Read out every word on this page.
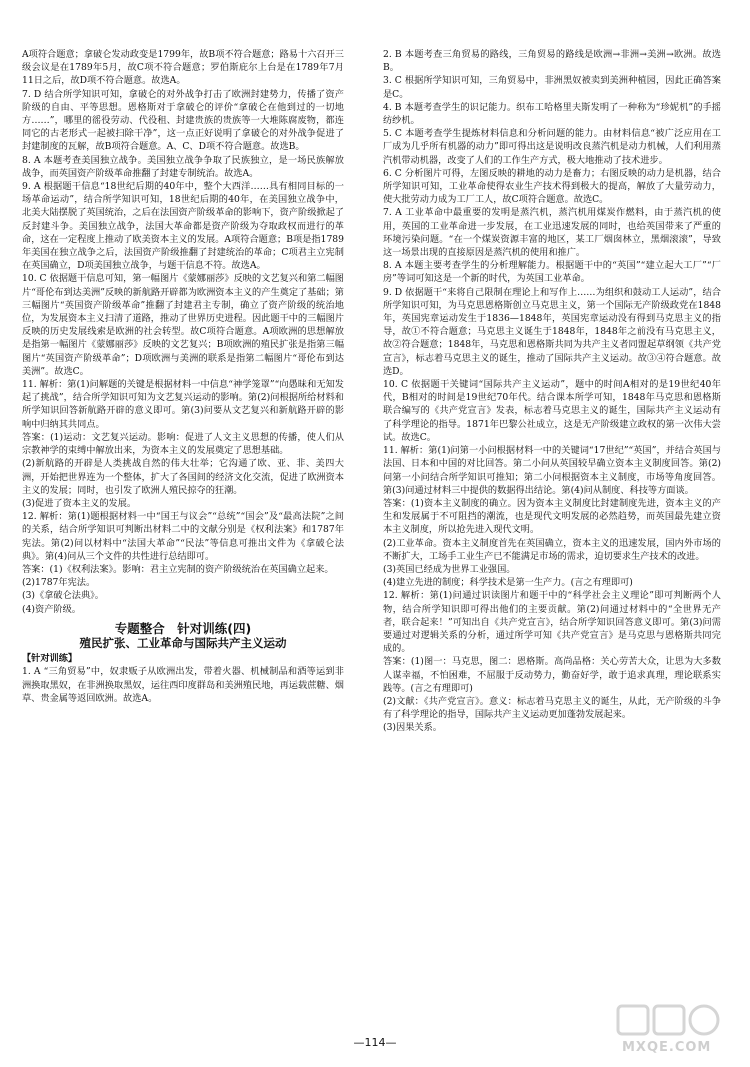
A项符合题意；拿破仑发动政变是1799年，故B项不符合题意；路易十六召开三级会议是在1789年5月，故C项不符合题意；罗伯斯庇尔上台是在1789年7月11日之后，故D项不符合题意。故选A。

7. D 结合所学知识可知，拿破仑的对外战争打击了欧洲封建势力，传播了资产阶级的自由、平等思想。恩格斯对于拿破仑的评价“拿破仑在他到过的一切地方……”，哪里的徭役劳动、代役租、封建贵族的贵族等一大堆陈腐废物，都连同它的古老形式一起被扫除干净”，这一点正好说明了拿破仑的对外战争促进了封建制度的瓦解，故B项符合题意。A、C、D项不符合题意。故选B。

8. A 本题考查美国独立战争。美国独立战争争取了民族独立，是一场民族解放战争，而英国资产阶级革命推翻了封建专制统治。故选A。

9. A 根据题干信息“18世纪后期的40年中，整个大西洋……具有相同目标的一场革命运动”，结合所学知识可知，18世纪后期的40年，在美国独立战争中，北美大陆摆脱了英国统治，之后在法国资产阶级革命的影响下，资产阶级掀起了反封建斗争。美国独立战争，法国大革命都是资产阶级为夺取政权而进行的革命，这在一定程度上推动了欧美资本主义的发展。A项符合题意；B项是指1789年美国在独立战争之后，法国资产阶级推翻了封建统治的革命；C项君主立宪制在英国确立，D项美国独立战争，与题干信息不符。故选A。

10. C 依据题干信息可知，第一幅图片《蒙娜丽莎》反映的文艺复兴和第二幅图片“哥伦布到达美洲”反映的新航路开辟都为欧洲资本主义的产生奠定了基础；第三幅图片“英国资产阶级革命”推翻了封建君主专制，确立了资产阶级的统治地位，为发展资本主义扫清了道路，推动了世界历史进程。因此题干中的三幅图片反映的历史发展线索是欧洲的社会转型。故C项符合题意。A项欧洲的思想解放是指第一幅图片《蒙娜丽莎》反映的文艺复兴；B项欧洲的殖民扩张是指第三幅图片“英国资产阶级革命”；D项欧洲与美洲的联系是指第二幅图片“哥伦布到达美洲”。故选C。

11. 解析：第(1)问解题的关键是根据材料一中信息“神学笼罩”“向愚昧和无知发起了挑战”，结合所学知识可知为文艺复兴运动的影响。第(2)问根据所给材料和所学知识回答新航路开辟的意义即可。第(3)问要从文艺复兴和新航路开辟的影响中归纳其共同点。

答案：(1)运动：文艺复兴运动。影响：促进了人文主义思想的传播，使人们从宗教神学的束缚中解放出来，为资本主义的发展奠定了思想基础。

(2)新航路的开辟是人类挑战自然的伟大壮举；它沟通了欧、亚、非、美四大洲，开始把世界连为一个整体，扩大了各国间的经济文化交流，促进了欧洲资本主义的发展；同时，也引发了欧洲人殖民掠夺的狂潮。

(3)促进了资本主义的发展。

12. 解析：第(1)题根据材料一中“国王与议会”“总统”“国会”及“最高法院”之间的关系，结合所学知识可判断出材料二中的文献分别是《权利法案》和1787年宪法。第(2)问以材料中“法国大革命”“民法”等信息可推出文件为《拿破仑法典》。第(4)问从三个文件的共性进行总结即可。

答案：(1)《权利法案》。影响：君主立宪制的资产阶级统治在英国确立起来。

(2)1787年宪法。

(3)《拿破仑法典》。

(4)资产阶级。

专题整合　针对训练(四)
殖民扩张、工业革命与国际共产主义运动
【针对训练】

1. A “三角贸易”中，奴隶贩子从欧洲出发，带着火器、机械制品和酒等运到非洲换取黑奴，在非洲换取黑奴，运往西印度群岛和美洲殖民地，再运载蔗糖、烟草、贵金属等返回欧洲。故选A。

2. B 本题考查三角贸易的路线，三角贸易的路线是欧洲→非洲→美洲→欧洲。故选B。

3. C 根据所学知识可知，三角贸易中，非洲黑奴被卖到美洲种植园，因此正确答案是C。

4. B 本题考查学生的识记能力。织布工哈格里夫斯发明了一种称为“珍妮机”的手摇纺纱机。

5. C 本题考查学生提炼材料信息和分析问题的能力。由材料信息“被广泛应用在工厂成为几乎所有机器的动力”即可得出这是说明改良蒸汽机是动力机械，人们利用蒸汽机带动机器，改变了人们的工作生产方式，极大地推动了技术进步。

6. C 分析图片可得，左图反映的耕地的动力是畜力；右图反映的动力是机器，结合所学知识可知，工业革命使得农业生产技术得到极大的提高，解放了大量劳动力，使大批劳动力成为工厂工人，故C项符合题意。故选C。

7. A 工业革命中最重要的发明是蒸汽机，蒸汽机用煤炭作燃料，由于蒸汽机的使用，英国的工业革命进一步发展，在工业迅速发展的同时，也给英国带来了严重的环境污染问题。“在一个煤炭资源丰富的地区，某工厂烟囱林立，黑烟滚滚”，导致这一场景出现的直接原因是蒸汽机的使用和推广。

8. A 本题主要考查学生的分析理解能力。根据题干中的“英国”“建立起大工厂”“厂房”等词可知这是一个新的时代，为英国工业革命。

9. D 依据题干“来将自己限制在理论上和写作上……为组织和鼓动工人运动”，结合所学知识可知，为马克思恩格斯创立马克思主义，第一个国际无产阶级政党在1848年，英国宪章运动发生于1836—1848年，英国宪章运动没有得到马克思主义的指导，故①不符合题意；马克思主义诞生于1848年，1848年之前没有马克思主义，故②符合题意；1848年，马克思和恩格斯共同为共产主义者同盟起草纲领《共产党宣言》，标志着马克思主义的诞生，推动了国际共产主义运动。故③④符合题意。故选D。

10. C 依据题干关键词“国际共产主义运动”，题中的时间A相对的是19世纪40年代，B相对的时间是19世纪70年代。结合课本所学可知，1848年马克思和恩格斯联合编写的《共产党宣言》发表，标志着马克思主义的诞生，国际共产主义运动有了科学理论的指导。1871年巴黎公社成立，这是无产阶级建立政权的第一次伟大尝试。故选C。

11. 解析：第(1)问第一小问根据材料一中的关键词“17世纪”“英国”，并结合英国与法国、日本和中国的对比回答。第二小问从英国较早确立资本主义制度回答。第(2)问第一小问结合所学知识可推知；第二小问根据资本主义制度，市场等角度回答。第(3)问通过材料三中提供的数据得出结论。第(4)问从制度、科技等方面谈。

答案：(1)资本主义制度的确立。因为资本主义制度比封建制度先进，资本主义的产生和发展属于不可阻挡的潮流，也是现代文明发展的必然趋势，而英国最先建立资本主义制度，所以抢先进入现代文明。

(2)工业革命。资本主义制度首先在英国确立，资本主义的迅速发展，国内外市场的不断扩大，工场手工业生产已不能满足市场的需求，迫切要求生产技术的改进。

(3)英国已经成为世界工业强国。

(4)建立先进的制度；科学技术是第一生产力。(言之有理即可)

12. 解析：第(1)问通过识读图片和题干中的“科学社会主义理论”即可判断两个人物，结合所学知识即可得出他们的主要贡献。第(2)问通过材料中的“全世界无产者，联合起来！”可知出自《共产党宣言》，结合所学知识回答意义即可。第(3)问需要通过对逻辑关系的分析，通过所学可知《共产党宣言》是马克思与恩格斯共同完成的。

答案：(1)图一：马克思，图二：恩格斯。高尚品格：关心劳苦大众，让思为大多数人谋幸福，不怕困难，不屈服于反动势力，勤奋好学，敢于追求真理，理论联系实践等。(言之有理即可)

(2)文献：《共产党宣言》。意义：标志着马克思主义的诞生，从此，无产阶级的斗争有了科学理论的指导，国际共产主义运动更加蓬勃发展起来。

(3)因果关系。

—114—	MXQE.COM
